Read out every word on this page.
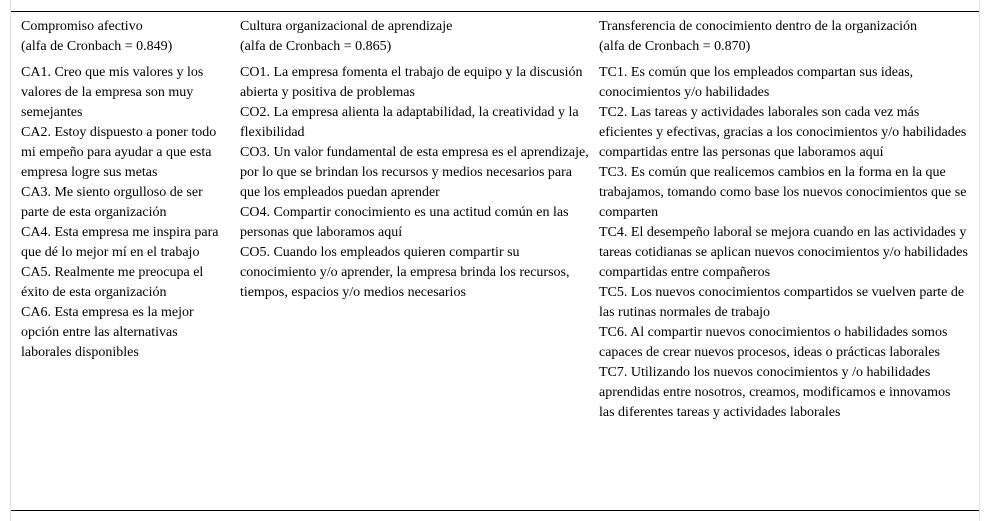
Compromiso afectivo
(alfa de Cronbach = 0.849)
CA1. Creo que mis valores y los valores de la empresa son muy semejantes
CA2. Estoy dispuesto a poner todo mi empeño para ayudar a que esta empresa logre sus metas
CA3. Me siento orgulloso de ser parte de esta organización
CA4. Esta empresa me inspira para que dé lo mejor mí en el trabajo
CA5. Realmente me preocupa el éxito de esta organización
CA6. Esta empresa es la mejor opción entre las alternativas laborales disponibles
Cultura organizacional de aprendizaje
(alfa de Cronbach = 0.865)
CO1. La empresa fomenta el trabajo de equipo y la discusión abierta y positiva de problemas
CO2. La empresa alienta la adaptabilidad, la creatividad y la flexibilidad
CO3. Un valor fundamental de esta empresa es el aprendizaje, por lo que se brindan los recursos y medios necesarios para que los empleados puedan aprender
CO4. Compartir conocimiento es una actitud común en las personas que laboramos aquí
CO5. Cuando los empleados quieren compartir su conocimiento y/o aprender, la empresa brinda los recursos, tiempos, espacios y/o medios necesarios
Transferencia de conocimiento dentro de la organización
(alfa de Cronbach = 0.870)
TC1. Es común que los empleados compartan sus ideas, conocimientos y/o habilidades
TC2. Las tareas y actividades laborales son cada vez más eficientes y efectivas, gracias a los conocimientos y/o habilidades compartidas entre las personas que laboramos aquí
TC3. Es común que realicemos cambios en la forma en la que trabajamos, tomando como base los nuevos conocimientos que se comparten
TC4. El desempeño laboral se mejora cuando en las actividades y tareas cotidianas se aplican nuevos conocimientos y/o habilidades compartidas entre compañeros
TC5. Los nuevos conocimientos compartidos se vuelven parte de las rutinas normales de trabajo
TC6. Al compartir nuevos conocimientos o habilidades somos capaces de crear nuevos procesos, ideas o prácticas laborales
TC7. Utilizando los nuevos conocimientos y /o habilidades aprendidas entre nosotros, creamos, modificamos e innovamos las diferentes tareas y actividades laborales
